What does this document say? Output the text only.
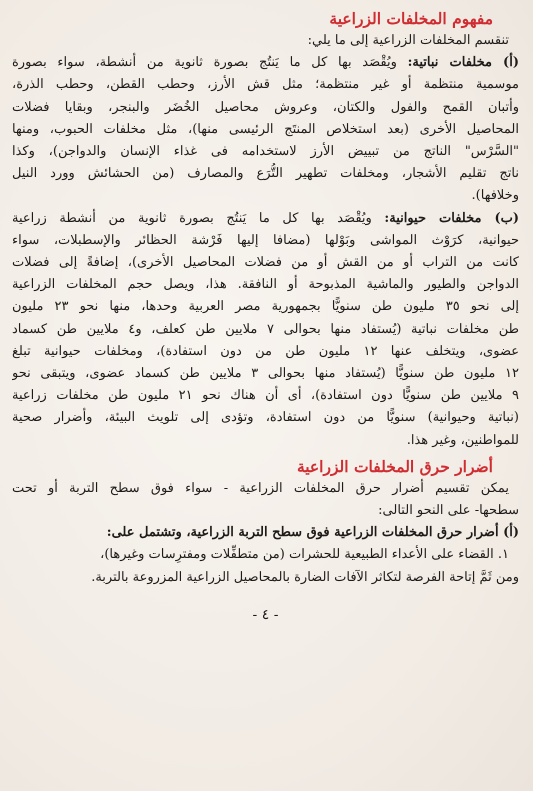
مفهوم المخلفات الزراعية
تنقسم المخلفات الزراعية إلى ما يلي:
(أ) مخلفات نباتية: ويُقْصَد بها كل ما يَنتُج بصورة ثانوية من أنشطة، سواء بصورة
موسمية منتظمة أو غير منتظمة؛ مثل قش الأرز، وحطب القطن، وحطب الذرة،
وأتبان القمح والفول والكتان، وعروش محاصيل الخُضَر والبنجر، وبقايا فضلات
المحاصيل الأخرى (بعد استخلاص المنتَج الرئيسى منها)، مثل مخلفات الحبوب، ومنها
"السَّرْس" الناتج من تبييض الأرز لاستخدامه فى غذاء الإنسان والدواجن)، وكذا
ناتج تقليم الأشجار، ومخلفات تطهير التُّرَع والمصارف (من الحشائش وورد النيل
وخلافها).
(ب) مخلفات حيوانية: ويُقْصَد بها كل ما يَنتُج بصورة ثانوية من أنشطة زراعية
حيوانية، كرَوْث المواشى وبَوْلها (مضافا إليها فَرْشة الحظائر والإسطبلات، سواء
كانت من التراب أو من القش أو من فضلات المحاصيل الأخرى)، إضافةً إلى فضلات
الدواجن والطيور والماشية المذبوحة أو النافقة. هذا، ويصل حجم المخلفات الزراعية
إلى نحو ٣٥ مليون طن سنويًّا بجمهورية مصر العربية وحدها، منها نحو ٢٣ مليون
طن مخلفات نباتية (يُستفاد منها بحوالى ٧ ملايين طن كعلف، و٤ ملايين طن كسماد
عضوى، ويتخلف عنها ١٢ مليون طن من دون استفادة)، ومخلفات حيوانية تبلغ
١٢ مليون طن سنويًّا (يُستفاد منها بحوالى ٣ ملايين طن كسماد عضوى، ويتبقى نحو
٩ ملايين طن سنويًّا دون استفادة)، أى أن هناك نحو ٢١ مليون طن مخلفات زراعية
(نباتية وحيوانية) سنويًّا من دون استفادة، وتؤدى إلى تلويث البيئة، وأضرار صحية
للمواطنين، وغير هذا.
أضرار حرق المخلفات الزراعية
يمكن تقسيم أضرار حرق المخلفات الزراعية - سواء فوق سطح التربة أو تحت
سطحها- على النحو التالى:
(أ) أضرار حرق المخلفات الزراعية فوق سطح التربة الزراعية، وتشتمل على:
١. القضاء على الأعداء الطبيعية للحشرات (من متطفِّلات ومفترِسات وغيرها)،
ومن ثَمَّ إتاحة الفرصة لتكاثر الآفات الضارة بالمحاصيل الزراعية المزروعة بالتربة.
- ٤ -
